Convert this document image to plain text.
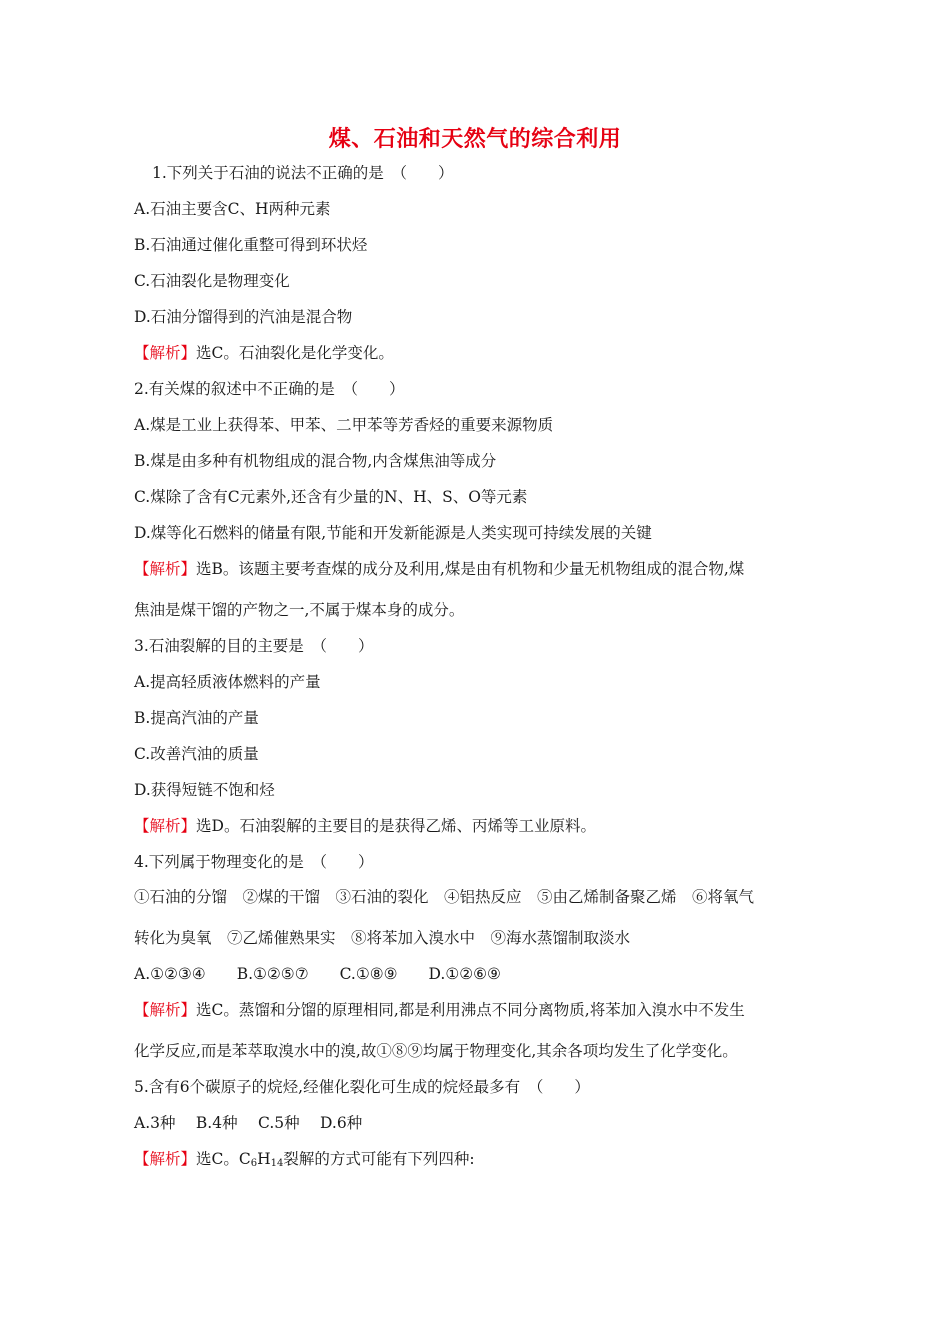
煤、石油和天然气的综合利用
1.下列关于石油的说法不正确的是　（　　）
A.石油主要含C、H两种元素
B.石油通过催化重整可得到环状烃
C.石油裂化是物理变化
D.石油分馏得到的汽油是混合物
【解析】选C。石油裂化是化学变化。
2.有关煤的叙述中不正确的是　（　　）
A.煤是工业上获得苯、甲苯、二甲苯等芳香烃的重要来源物质
B.煤是由多种有机物组成的混合物,内含煤焦油等成分
C.煤除了含有C元素外,还含有少量的N、H、S、O等元素
D.煤等化石燃料的储量有限,节能和开发新能源是人类实现可持续发展的关键
【解析】选B。该题主要考查煤的成分及利用,煤是由有机物和少量无机物组成的混合物,煤
焦油是煤干馏的产物之一,不属于煤本身的成分。
3.石油裂解的目的主要是　（　　）
A.提高轻质液体燃料的产量
B.提高汽油的产量
C.改善汽油的质量
D.获得短链不饱和烃
【解析】选D。石油裂解的主要目的是获得乙烯、丙烯等工业原料。
4.下列属于物理变化的是　（　　）
①石油的分馏　②煤的干馏　③石油的裂化　④铝热反应　⑤由乙烯制备聚乙烯　⑥将氧气
转化为臭氧　⑦乙烯催熟果实　⑧将苯加入溴水中　⑨海水蒸馏制取淡水
A.①②③④　　B.①②⑤⑦　　C.①⑧⑨　　D.①②⑥⑨
【解析】选C。蒸馏和分馏的原理相同,都是利用沸点不同分离物质,将苯加入溴水中不发生
化学反应,而是苯萃取溴水中的溴,故①⑧⑨均属于物理变化,其余各项均发生了化学变化。
5.含有6个碳原子的烷烃,经催化裂化可生成的烷烃最多有　（　　）
A.3种　 B.4种　 C.5种　 D.6种
【解析】选C。$C_6H_{14}$裂解的方式可能有下列四种:
